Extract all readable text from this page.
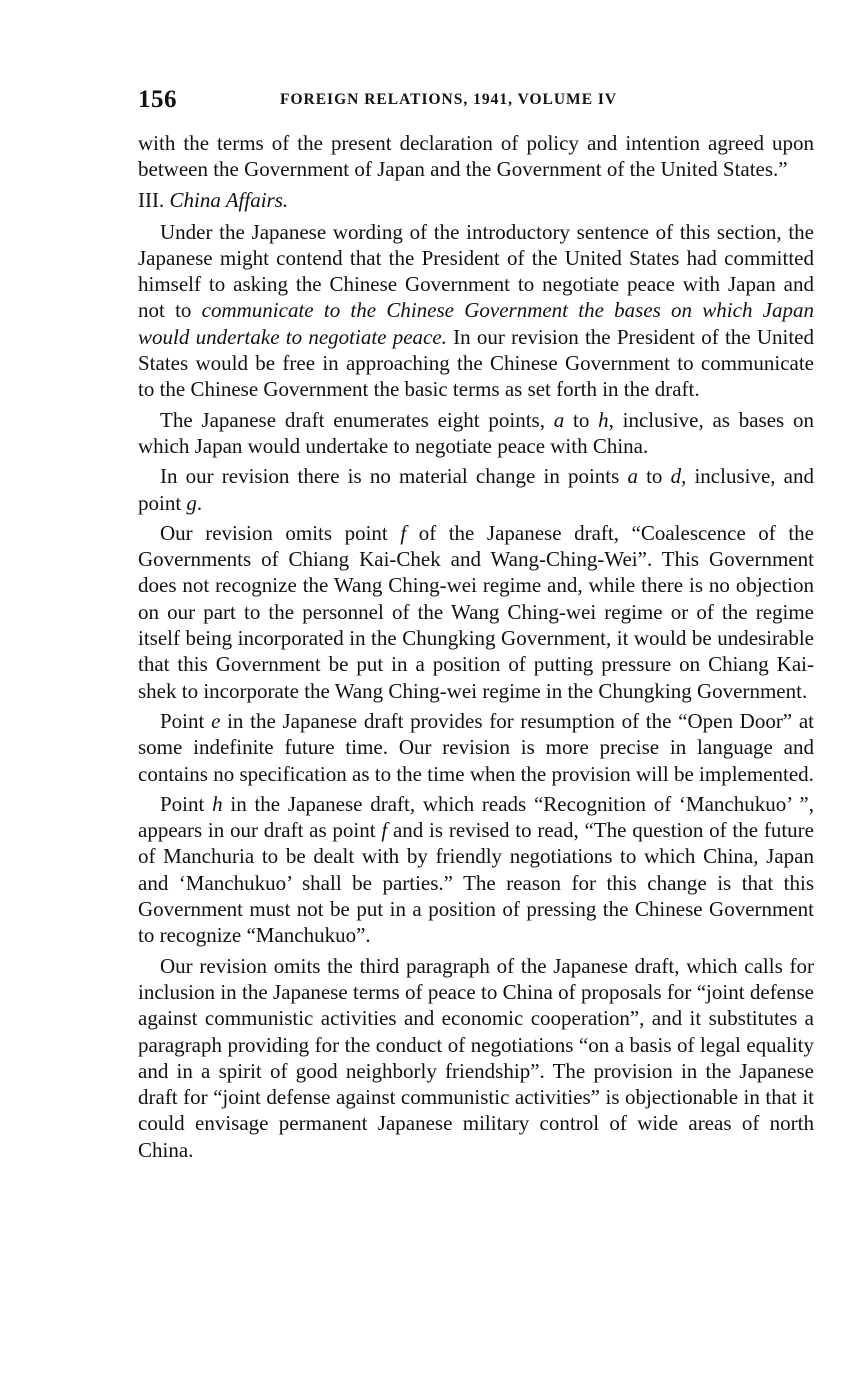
156	FOREIGN RELATIONS, 1941, VOLUME IV

with the terms of the present declaration of policy and intention agreed upon between the Government of Japan and the Government of the United States.”

III. China Affairs.

Under the Japanese wording of the introductory sentence of this section, the Japanese might contend that the President of the United States had committed himself to asking the Chinese Government to negotiate peace with Japan and not to communicate to the Chinese Government the bases on which Japan would undertake to negotiate peace. In our revision the President of the United States would be free in approaching the Chinese Government to communicate to the Chinese Government the basic terms as set forth in the draft.

The Japanese draft enumerates eight points, a to h, inclusive, as bases on which Japan would undertake to negotiate peace with China.

In our revision there is no material change in points a to d, inclusive, and point g.

Our revision omits point f of the Japanese draft, “Coalescence of the Governments of Chiang Kai-Chek and Wang-Ching-Wei”. This Government does not recognize the Wang Ching-wei regime and, while there is no objection on our part to the personnel of the Wang Ching-wei regime or of the regime itself being incorporated in the Chungking Government, it would be undesirable that this Government be put in a position of putting pressure on Chiang Kai-shek to incorporate the Wang Ching-wei regime in the Chungking Government.

Point e in the Japanese draft provides for resumption of the “Open Door” at some indefinite future time. Our revision is more precise in language and contains no specification as to the time when the provision will be implemented.

Point h in the Japanese draft, which reads “Recognition of ‘Manchukuo’ ”, appears in our draft as point f and is revised to read, “The question of the future of Manchuria to be dealt with by friendly negotiations to which China, Japan and ‘Manchukuo’ shall be parties.” The reason for this change is that this Government must not be put in a position of pressing the Chinese Government to recognize “Manchukuo”.

Our revision omits the third paragraph of the Japanese draft, which calls for inclusion in the Japanese terms of peace to China of proposals for “joint defense against communistic activities and economic cooperation”, and it substitutes a paragraph providing for the conduct of negotiations “on a basis of legal equality and in a spirit of good neighborly friendship”. The provision in the Japanese draft for “joint defense against communistic activities” is objectionable in that it could envisage permanent Japanese military control of wide areas of north China.
